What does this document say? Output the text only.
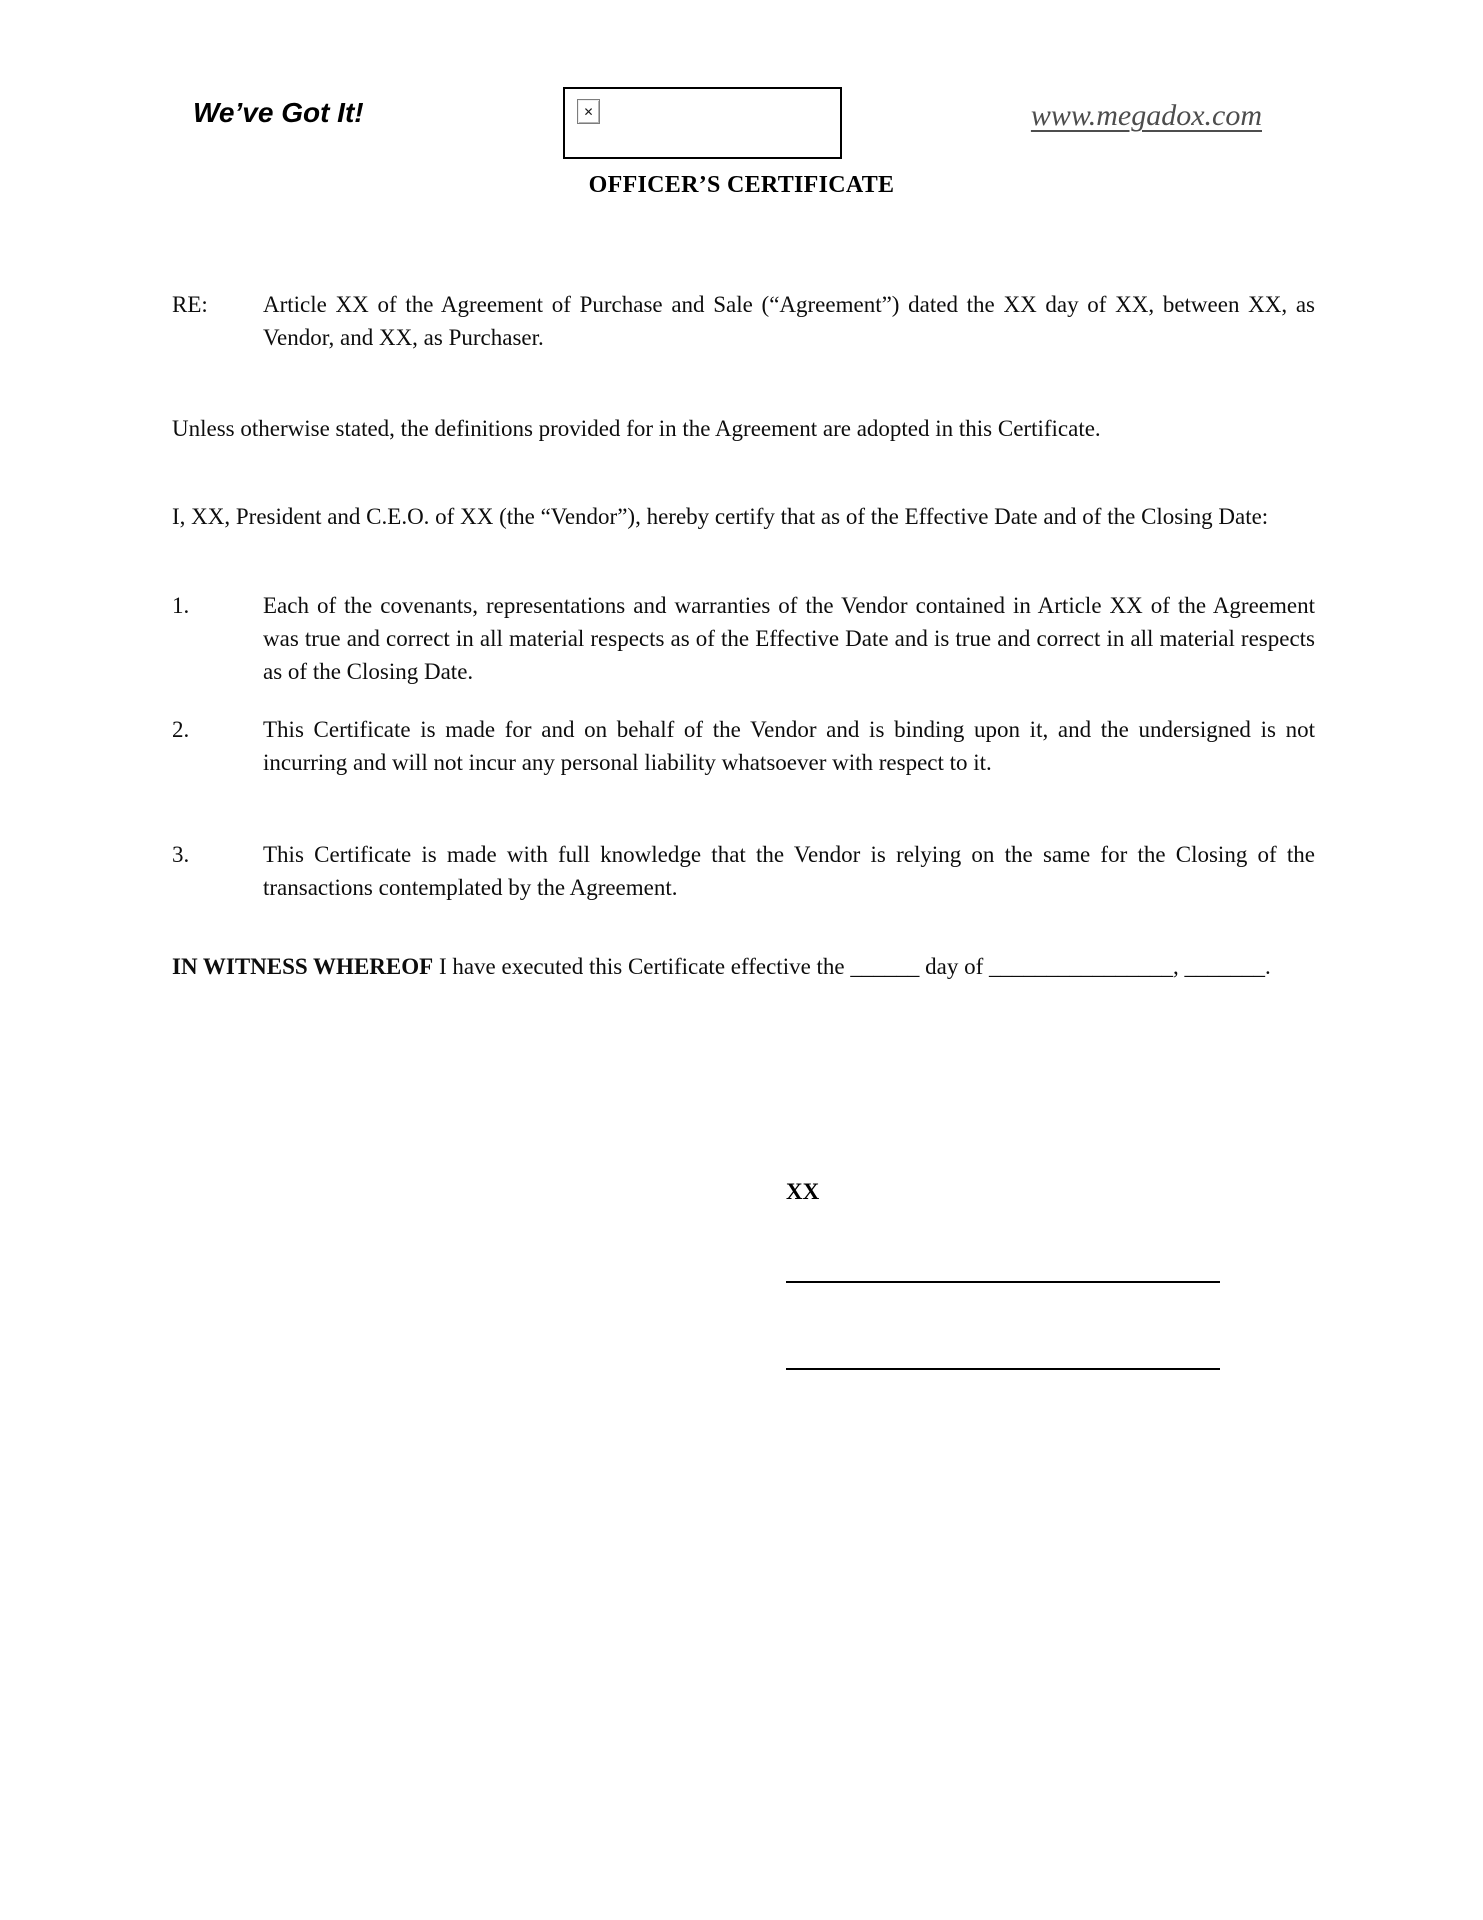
We’ve Got It!	✕	www.megadox.com
OFFICER’S CERTIFICATE
RE:	Article XX of the Agreement of Purchase and Sale (“Agreement”) dated the XX day of XX, between XX, as Vendor, and XX, as Purchaser.
Unless otherwise stated, the definitions provided for in the Agreement are adopted in this Certificate.
I, XX, President and C.E.O. of XX (the “Vendor”), hereby certify that as of the Effective Date and of the Closing Date:
1.	Each of the covenants, representations and warranties of the Vendor contained in Article XX of the Agreement was true and correct in all material respects as of the Effective Date and is true and correct in all material respects as of the Closing Date.
2.	This Certificate is made for and on behalf of the Vendor and is binding upon it, and the undersigned is not incurring and will not incur any personal liability whatsoever with respect to it.
3.	This Certificate is made with full knowledge that the Vendor is relying on the same for the Closing of the transactions contemplated by the Agreement.
IN WITNESS WHEREOF I have executed this Certificate effective the ______ day of ________________, _______.
XX
